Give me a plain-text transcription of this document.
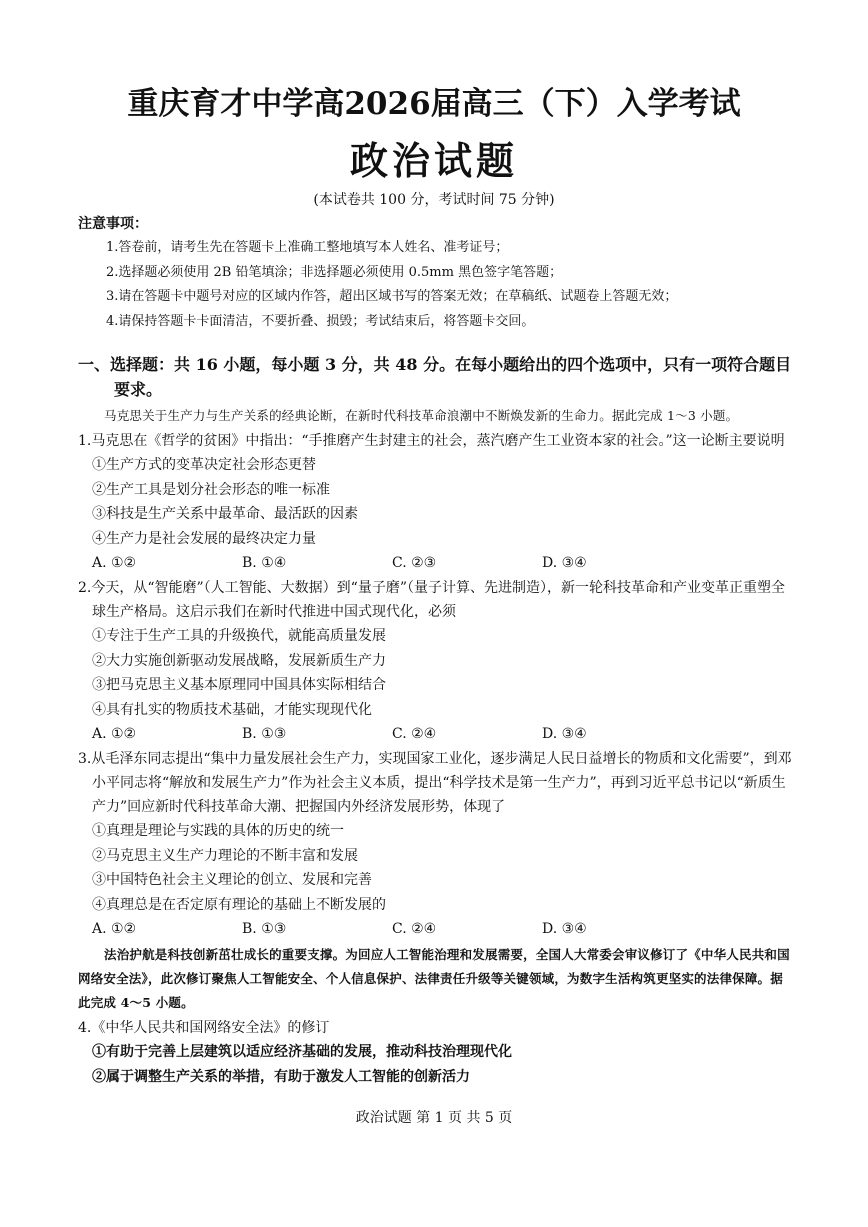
重庆育才中学高2026届高三（下）入学考试
政治试题
(本试卷共 100 分，考试时间 75 分钟)
注意事项：
1.答卷前，请考生先在答题卡上准确工整地填写本人姓名、准考证号；
2.选择题必须使用 2B 铅笔填涂；非选择题必须使用 0.5mm 黑色签字笔答题；
3.请在答题卡中题号对应的区域内作答，超出区域书写的答案无效；在草稿纸、试题卷上答题无效；
4.请保持答题卡卡面清洁，不要折叠、损毁；考试结束后，将答题卡交回。
一、选择题：共 16 小题，每小题 3 分，共 48 分。在每小题给出的四个选项中，只有一项符合题目要求。
马克思关于生产力与生产关系的经典论断，在新时代科技革命浪潮中不断焕发新的生命力。据此完成 1～3 小题。
1.马克思在《哲学的贫困》中指出：“手推磨产生封建主的社会，蒸汽磨产生工业资本家的社会。”这一论断主要说明
①生产方式的变革决定社会形态更替
②生产工具是划分社会形态的唯一标准
③科技是生产关系中最革命、最活跃的因素
④生产力是社会发展的最终决定力量
A. ①②	B. ①④	C. ②③	D. ③④
2.今天，从“智能磨”（人工智能、大数据）到“量子磨”（量子计算、先进制造），新一轮科技革命和产业变革正重塑全球生产格局。这启示我们在新时代推进中国式现代化，必须
①专注于生产工具的升级换代，就能高质量发展
②大力实施创新驱动发展战略，发展新质生产力
③把马克思主义基本原理同中国具体实际相结合
④具有扎实的物质技术基础，才能实现现代化
A. ①②	B. ①③	C. ②④	D. ③④
3.从毛泽东同志提出“集中力量发展社会生产力，实现国家工业化，逐步满足人民日益增长的物质和文化需要”，到邓小平同志将“解放和发展生产力”作为社会主义本质，提出“科学技术是第一生产力”，再到习近平总书记以“新质生产力”回应新时代科技革命大潮、把握国内外经济发展形势，体现了
①真理是理论与实践的具体的历史的统一
②马克思主义生产力理论的不断丰富和发展
③中国特色社会主义理论的创立、发展和完善
④真理总是在否定原有理论的基础上不断发展的
A. ①②	B. ①③	C. ②④	D. ③④
法治护航是科技创新茁壮成长的重要支撑。为回应人工智能治理和发展需要，全国人大常委会审议修订了《中华人民共和国网络安全法》，此次修订聚焦人工智能安全、个人信息保护、法律责任升级等关键领域，为数字生活构筑更坚实的法律保障。据此完成 4～5 小题。
4.《中华人民共和国网络安全法》的修订
①有助于完善上层建筑以适应经济基础的发展，推动科技治理现代化
②属于调整生产关系的举措，有助于激发人工智能的创新活力
政治试题 第 1 页 共 5 页
